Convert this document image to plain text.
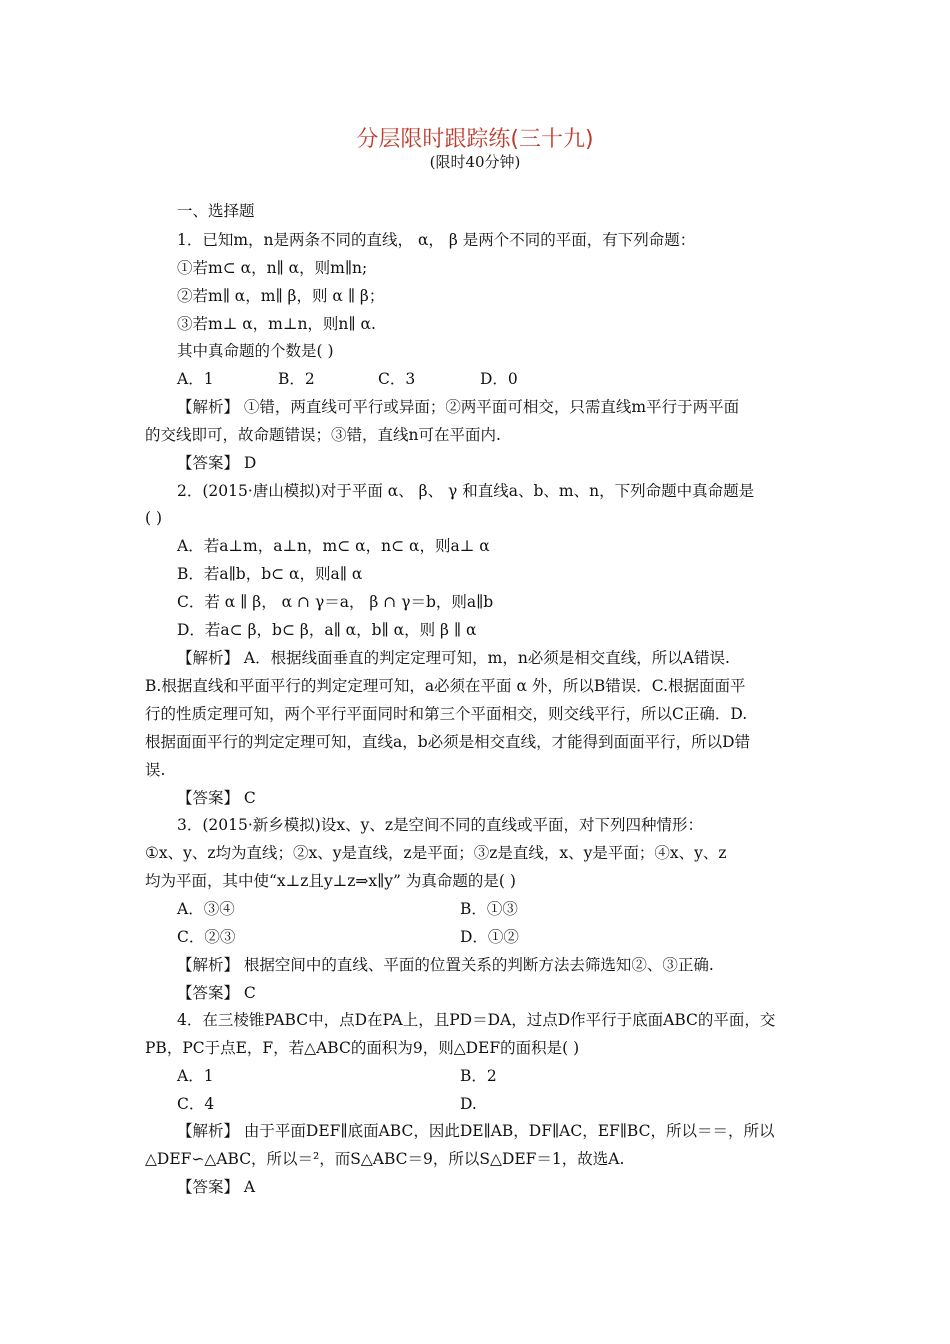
分层限时跟踪练(三十九)
(限时40分钟)
一、选择题
1．已知m，n是两条不同的直线， α， β 是两个不同的平面，有下列命题：
①若m⊂ α，n∥ α，则m∥n;
②若m∥ α，m∥ β，则 α ∥ β；
③若m⊥ α，m⊥n，则n∥ α.
其中真命题的个数是( )
A．1	B．2	C．3	D．0
【解析】 ①错，两直线可平行或异面；②两平面可相交，只需直线m平行于两平面
的交线即可，故命题错误；③错，直线n可在平面内.
【答案】 D
2．(2015·唐山模拟)对于平面 α、 β、 γ 和直线a、b、m、n，下列命题中真命题是
( )
A．若a⊥m，a⊥n，m⊂ α，n⊂ α，则a⊥ α
B．若a∥b，b⊂ α，则a∥ α
C．若 α ∥ β， α ∩ γ＝a， β ∩ γ＝b，则a∥b
D．若a⊂ β，b⊂ β，a∥ α，b∥ α，则 β ∥ α
【解析】 A．根据线面垂直的判定定理可知，m，n必须是相交直线，所以A错误.
B.根据直线和平面平行的判定定理可知，a必须在平面 α 外，所以B错误．C.根据面面平
行的性质定理可知，两个平行平面同时和第三个平面相交，则交线平行，所以C正确．D.
根据面面平行的判定定理可知，直线a，b必须是相交直线，才能得到面面平行，所以D错
误.
【答案】 C
3．(2015·新乡模拟)设x、y、z是空间不同的直线或平面，对下列四种情形：
①x、y、z均为直线；②x、y是直线，z是平面；③z是直线，x、y是平面；④x、y、z
均为平面，其中使“x⊥z且y⊥z⇒x∥y” 为真命题的是( )
A．③④	B．①③
C．②③	D．①②
【解析】 根据空间中的直线、平面的位置关系的判断方法去筛选知②、③正确.
【答案】 C
4．在三棱锥PABC中，点D在PA上，且PD＝DA，过点D作平行于底面ABC的平面，交
PB，PC于点E，F，若△ABC的面积为9，则△DEF的面积是( )
A．1	B．2
C．4	D.
【解析】 由于平面DEF∥底面ABC，因此DE∥AB，DF∥AC，EF∥BC，所以＝＝，所以
△DEF∽△ABC，所以＝²，而S△ABC＝9，所以S△DEF＝1，故选A.
【答案】 A
